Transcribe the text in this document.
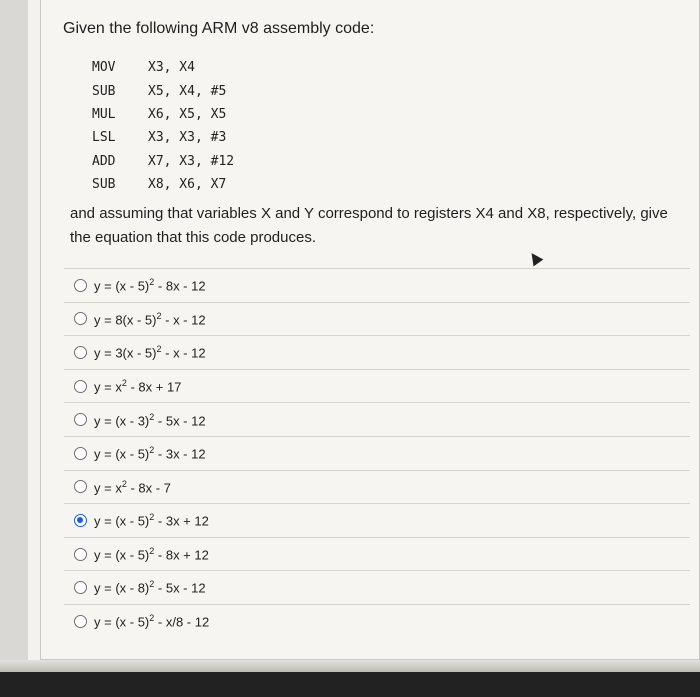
Given the following ARM v8 assembly code:
MOV	X3, X4
SUB	X5, X4, #5
MUL	X6, X5, X5
LSL	X3, X3, #3
ADD	X7, X3, #12
SUB	X8, X6, X7
and assuming that variables X and Y correspond to registers X4 and X8, respectively, give the equation that this code produces.
y = (x - 5)$^2$ - 8x - 12
y = 8(x - 5)$^2$ - x - 12
y = 3(x - 5)$^2$ - x - 12
$y = x^2 - 8x + 17$
y = (x - 3)$^2$ - 5x - 12
y = (x - 5)$^2$ - 3x - 12
$y = x^2 - 8x - 7$
y = (x - 5)$^2$ - 3x + 12
y = (x - 5)$^2$ - 8x + 12
y = (x - 8)$^2$ - 5x - 12
y = (x - 5)$^2$ - x/8 - 12
